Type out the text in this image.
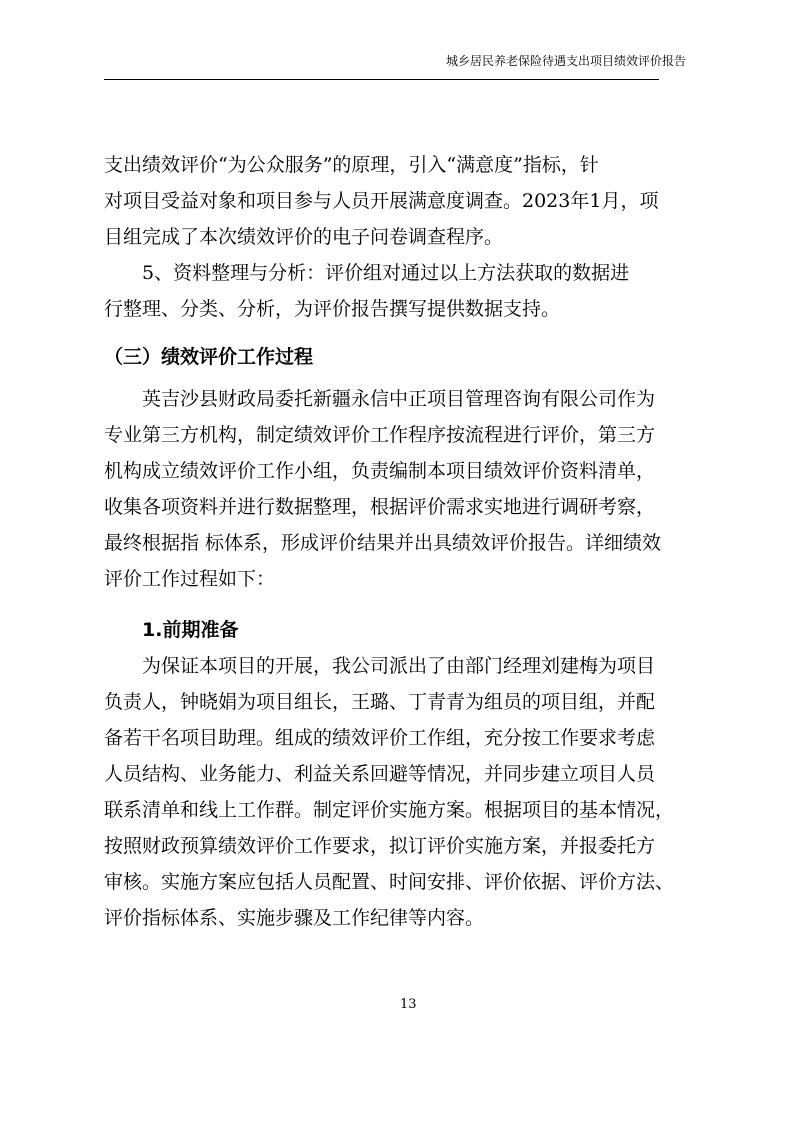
城乡居民养老保险待遇支出项目绩效评价报告
支出绩效评价“为公众服务”的原理，引入“满意度”指标，针
对项目受益对象和项目参与人员开展满意度调查。2023年1月，项
目组完成了本次绩效评价的电子问卷调查程序。
　　5、资料整理与分析：评价组对通过以上方法获取的数据进
行整理、分类、分析，为评价报告撰写提供数据支持。
（三）绩效评价工作过程
　　英吉沙县财政局委托新疆永信中正项目管理咨询有限公司作为
专业第三方机构，制定绩效评价工作程序按流程进行评价，第三方
机构成立绩效评价工作小组，负责编制本项目绩效评价资料清单，
收集各项资料并进行数据整理，根据评价需求实地进行调研考察，
最终根据指 标体系，形成评价结果并出具绩效评价报告。详细绩效
评价工作过程如下：
　　1.前期准备
　　为保证本项目的开展，我公司派出了由部门经理刘建梅为项目
负责人，钟晓娟为项目组长，王璐、丁青青为组员的项目组，并配
备若干名项目助理。组成的绩效评价工作组，充分按工作要求考虑
人员结构、业务能力、利益关系回避等情况，并同步建立项目人员
联系清单和线上工作群。制定评价实施方案。根据项目的基本情况，
按照财政预算绩效评价工作要求，拟订评价实施方案，并报委托方
审核。实施方案应包括人员配置、时间安排、评价依据、评价方法、
评价指标体系、实施步骤及工作纪律等内容。
13
